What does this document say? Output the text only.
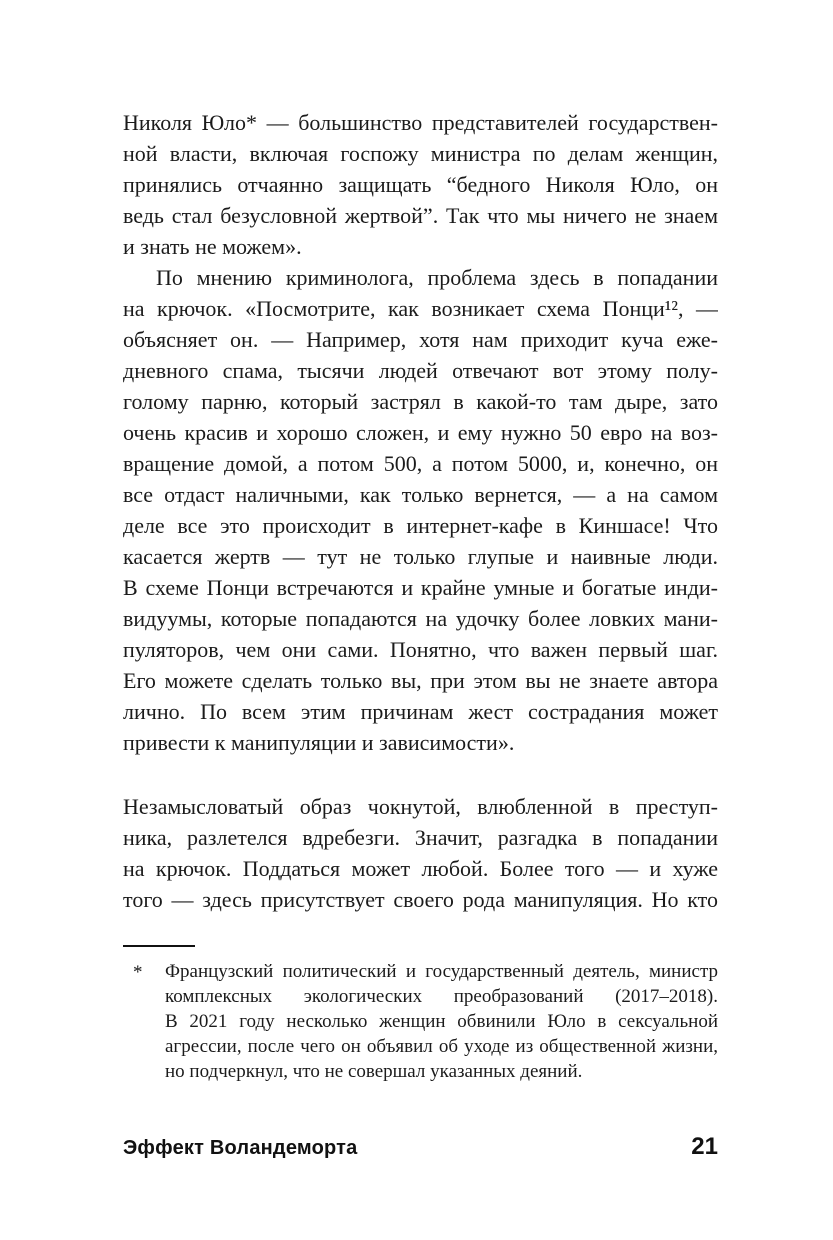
Николя Юло* — большинство представителей государствен-
ной власти, включая госпожу министра по делам женщин,
принялись отчаянно защищать “бедного Николя Юло, он
ведь стал безусловной жертвой”. Так что мы ничего не знаем
и знать не можем».
По мнению криминолога, проблема здесь в попадании
на крючок. «Посмотрите, как возникает схема Понци¹², —
объясняет он. — Например, хотя нам приходит куча еже-
дневного спама, тысячи людей отвечают вот этому полу-
голому парню, который застрял в какой-то там дыре, зато
очень красив и хорошо сложен, и ему нужно 50 евро на воз-
вращение домой, а потом 500, а потом 5000, и, конечно, он
все отдаст наличными, как только вернется, — а на самом
деле все это происходит в интернет-кафе в Киншасе! Что
касается жертв — тут не только глупые и наивные люди.
В схеме Понци встречаются и крайне умные и богатые инди-
видуумы, которые попадаются на удочку более ловких мани-
пуляторов, чем они сами. Понятно, что важен первый шаг.
Его можете сделать только вы, при этом вы не знаете автора
лично. По всем этим причинам жест сострадания может
привести к манипуляции и зависимости».
Незамысловатый образ чокнутой, влюбленной в преступ-
ника, разлетелся вдребезги. Значит, разгадка в попадании
на крючок. Поддаться может любой. Более того — и хуже
того — здесь присутствует своего рода манипуляция. Но кто
* Французский политический и государственный деятель, министр
комплексных экологических преобразований (2017–2018).
В 2021 году несколько женщин обвинили Юло в сексуальной
агрессии, после чего он объявил об уходе из общественной жизни,
но подчеркнул, что не совершал указанных деяний.
Эффект Воландеморта	21
